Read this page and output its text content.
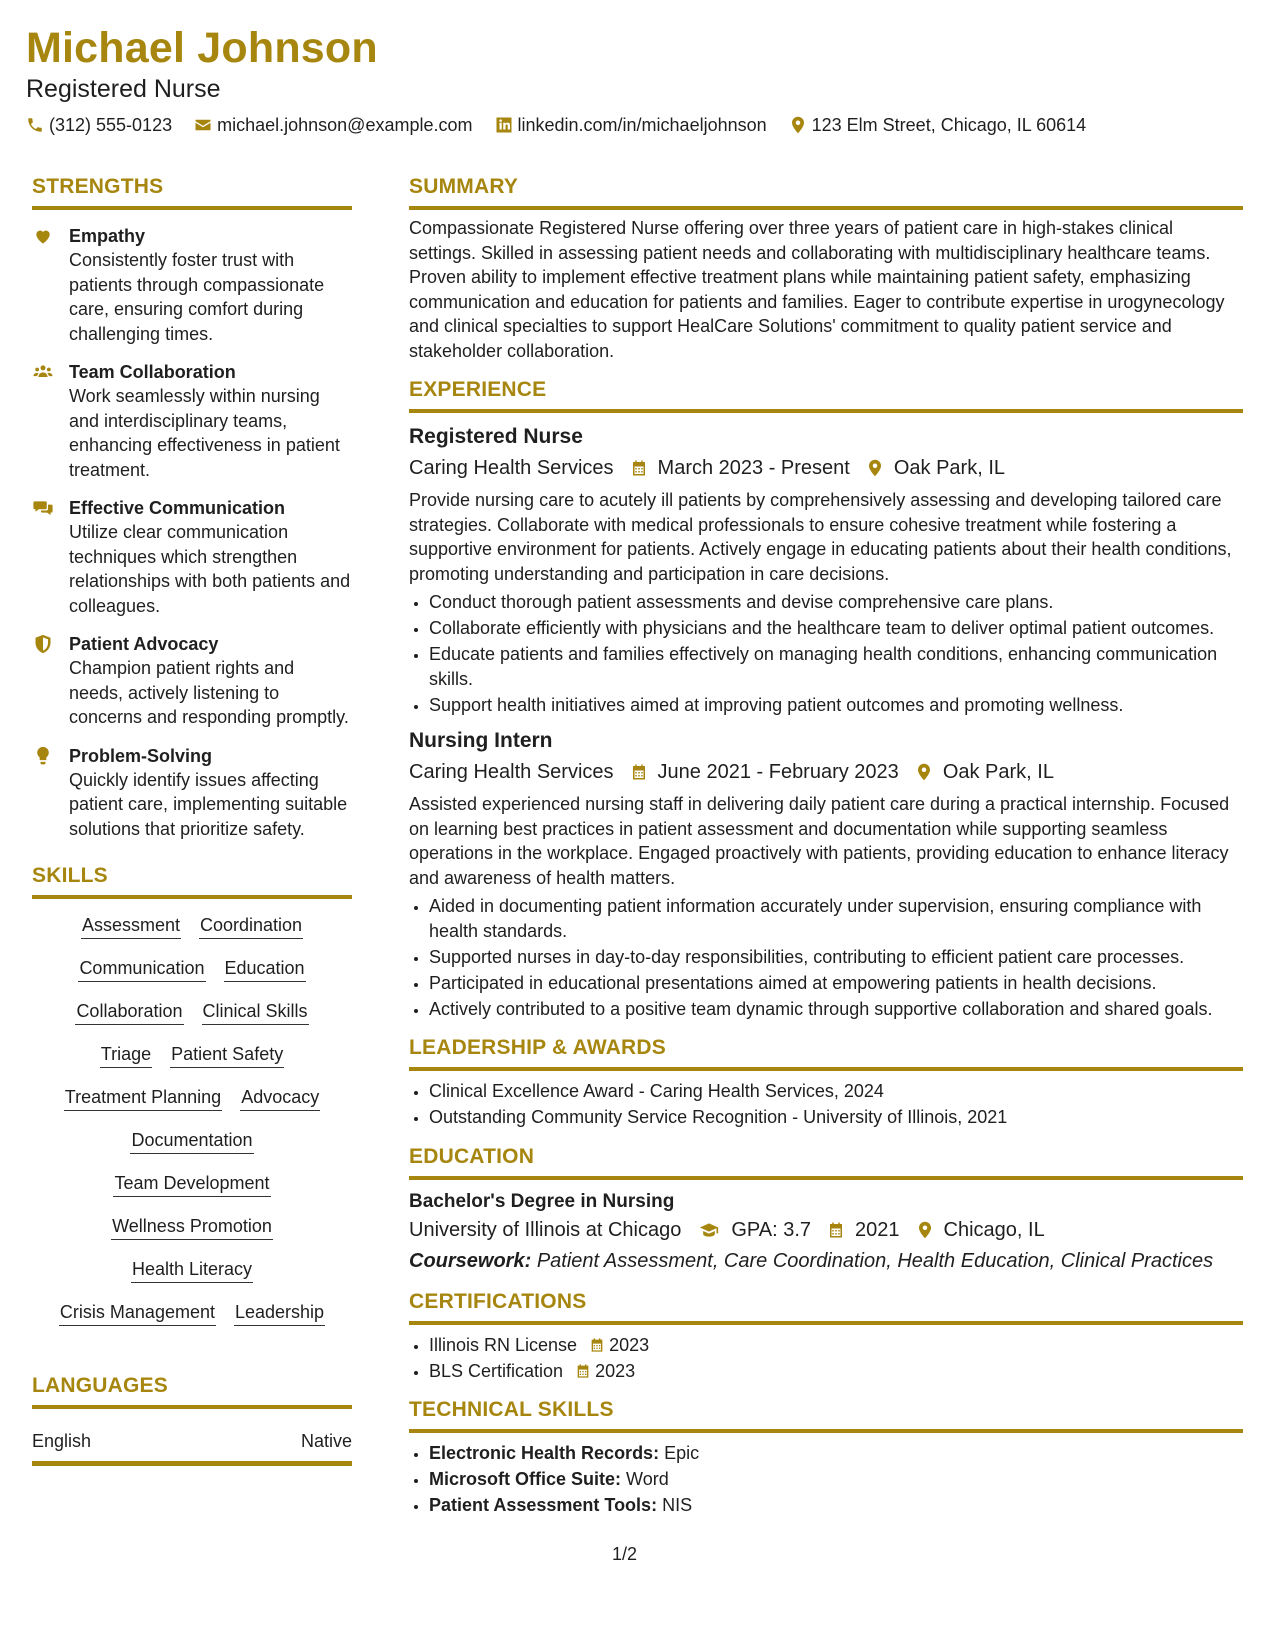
Michael Johnson
Registered Nurse
(312) 555-0123	michael.johnson@example.com	linkedin.com/in/michaeljohnson	123 Elm Street, Chicago, IL 60614
STRENGTHS
Empathy
Consistently foster trust with patients through compassionate care, ensuring comfort during challenging times.
Team Collaboration
Work seamlessly within nursing and interdisciplinary teams, enhancing effectiveness in patient treatment.
Effective Communication
Utilize clear communication techniques which strengthen relationships with both patients and colleagues.
Patient Advocacy
Champion patient rights and needs, actively listening to concerns and responding promptly.
Problem-Solving
Quickly identify issues affecting patient care, implementing suitable solutions that prioritize safety.
SKILLS
Assessment Coordination
Communication Education
Collaboration Clinical Skills
Triage Patient Safety
Treatment Planning Advocacy
Documentation
Team Development
Wellness Promotion
Health Literacy
Crisis Management Leadership
LANGUAGES
English	Native
SUMMARY
Compassionate Registered Nurse offering over three years of patient care in high-stakes clinical settings. Skilled in assessing patient needs and collaborating with multidisciplinary healthcare teams. Proven ability to implement effective treatment plans while maintaining patient safety, emphasizing communication and education for patients and families. Eager to contribute expertise in urogynecology and clinical specialties to support HealCare Solutions' commitment to quality patient service and stakeholder collaboration.
EXPERIENCE
Registered Nurse
Caring Health Services March 2023 - Present Oak Park, IL
Provide nursing care to acutely ill patients by comprehensively assessing and developing tailored care strategies. Collaborate with medical professionals to ensure cohesive treatment while fostering a supportive environment for patients. Actively engage in educating patients about their health conditions, promoting understanding and participation in care decisions.
• Conduct thorough patient assessments and devise comprehensive care plans.
• Collaborate efficiently with physicians and the healthcare team to deliver optimal patient outcomes.
• Educate patients and families effectively on managing health conditions, enhancing communication skills.
• Support health initiatives aimed at improving patient outcomes and promoting wellness.
Nursing Intern
Caring Health Services June 2021 - February 2023 Oak Park, IL
Assisted experienced nursing staff in delivering daily patient care during a practical internship. Focused on learning best practices in patient assessment and documentation while supporting seamless operations in the workplace. Engaged proactively with patients, providing education to enhance literacy and awareness of health matters.
• Aided in documenting patient information accurately under supervision, ensuring compliance with health standards.
• Supported nurses in day-to-day responsibilities, contributing to efficient patient care processes.
• Participated in educational presentations aimed at empowering patients in health decisions.
• Actively contributed to a positive team dynamic through supportive collaboration and shared goals.
LEADERSHIP & AWARDS
• Clinical Excellence Award - Caring Health Services, 2024
• Outstanding Community Service Recognition - University of Illinois, 2021
EDUCATION
Bachelor's Degree in Nursing
University of Illinois at Chicago	GPA: 3.7 2021 Chicago, IL
Coursework: Patient Assessment, Care Coordination, Health Education, Clinical Practices
CERTIFICATIONS
• Illinois RN License 2023
• BLS Certification 2023
TECHNICAL SKILLS
• Electronic Health Records: Epic
• Microsoft Office Suite: Word
• Patient Assessment Tools: NIS
1/2
